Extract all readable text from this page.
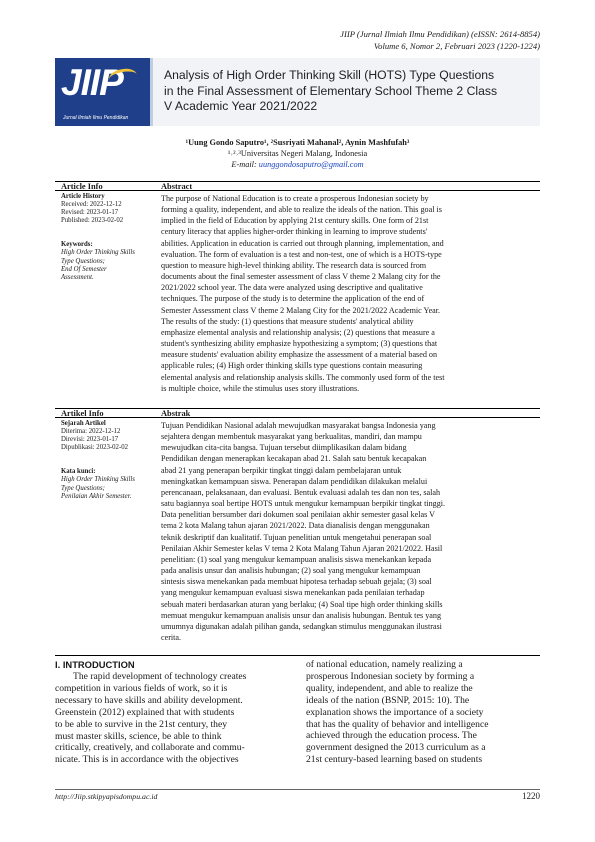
JIIP (Jurnal Ilmiah Ilmu Pendidikan) (eISSN: 2614-8854)
Volume 6, Nomor 2, Februari 2023 (1220-1224)
JIIP
Jurnal Ilmiah Ilmu Pendidikan
Analysis of High Order Thinking Skill (HOTS) Type Questions
in the Final Assessment of Elementary School Theme 2 Class
V Academic Year 2021/2022
¹Uung Gondo Saputro¹, ²Susriyati Mahanal², Aynin Mashfufah³
¹˒²˒³Universitas Negeri Malang, Indonesia
E-mail: uunggondosaputro@gmail.com
Article Info	Abstract
Article History
Received: 2022-12-12
Revised: 2023-01-17
Published: 2023-02-02
Keywords:
High Order Thinking Skills
Type Questions;
End Of Semester
Assessment.
The purpose of National Education is to create a prosperous Indonesian society by
forming a quality, independent, and able to realize the ideals of the nation. This goal is
implied in the field of Education by applying 21st century skills. One form of 21st
century literacy that applies higher-order thinking in learning to improve students'
abilities. Application in education is carried out through planning, implementation, and
evaluation. The form of evaluation is a test and non-test, one of which is a HOTS-type
question to measure high-level thinking ability. The research data is sourced from
documents about the final semester assessment of class V theme 2 Malang city for the
2021/2022 school year. The data were analyzed using descriptive and qualitative
techniques. The purpose of the study is to determine the application of the end of
Semester Assessment class V theme 2 Malang City for the 2021/2022 Academic Year.
The results of the study: (1) questions that measure students' analytical ability
emphasize elemental analysis and relationship analysis; (2) questions that measure a
student's synthesizing ability emphasize hypothesizing a symptom; (3) questions that
measure students' evaluation ability emphasize the assessment of a material based on
applicable rules; (4) High order thinking skills type questions contain measuring
elemental analysis and relationship analysis skills. The commonly used form of the test
is multiple choice, while the stimulus uses story illustrations.
Artikel Info	Abstrak
Sejarah Artikel
Diterima: 2022-12-12
Direvisi: 2023-01-17
Dipublikasi: 2023-02-02
Kata kunci:
High Order Thinking Skills
Type Questions;
Penilaian Akhir Semester.
Tujuan Pendidikan Nasional adalah mewujudkan masyarakat bangsa Indonesia yang
sejahtera dengan membentuk masyarakat yang berkualitas, mandiri, dan mampu
mewujudkan cita-cita bangsa. Tujuan tersebut diimplikasikan dalam bidang
Pendidikan dengan menerapkan kecakapan abad 21. Salah satu bentuk kecapakan
abad 21 yang penerapan berpikir tingkat tinggi dalam pembelajaran untuk
meningkatkan kemampuan siswa. Penerapan dalam pendidikan dilakukan melalui
perencanaan, pelaksanaan, dan evaluasi. Bentuk evaluasi adalah tes dan non tes, salah
satu bagiannya soal bertipe HOTS untuk mengukur kemampuan berpikir tingkat tinggi.
Data penelitian bersumber dari dokumen soal penilaian akhir semester gasal kelas V
tema 2 kota Malang tahun ajaran 2021/2022. Data dianalisis dengan menggunakan
teknik deskriptif dan kualitatif. Tujuan penelitian untuk mengetahui penerapan soal
Penilaian Akhir Semester kelas V tema 2 Kota Malang Tahun Ajaran 2021/2022. Hasil
penelitian: (1) soal yang mengukur kemampuan analisis siswa menekankan kepada
pada analisis unsur dan analisis hubungan; (2) soal yang mengukur kemampuan
sintesis siswa menekankan pada membuat hipotesa terhadap sebuah gejala; (3) soal
yang mengukur kemampuan evaluasi siswa menekankan pada penilaian terhadap
sebuah materi berdasarkan aturan yang berlaku; (4) Soal tipe high order thinking skills
memuat mengukur kemampuan analisis unsur dan analisis hubungan. Bentuk tes yang
umumnya digunakan adalah pilihan ganda, sedangkan stimulus menggunakan ilustrasi
cerita.
I. INTRODUCTION
The rapid development of technology creates
competition in various fields of work, so it is
necessary to have skills and ability development.
Greenstein (2012) explained that with students
to be able to survive in the 21st century, they
must master skills, science, be able to think
critically, creatively, and collaborate and commu-
nicate. This is in accordance with the objectives
of national education, namely realizing a
prosperous Indonesian society by forming a
quality, independent, and able to realize the
ideals of the nation (BSNP, 2015: 10). The
explanation shows the importance of a society
that has the quality of behavior and intelligence
achieved through the education process. The
government designed the 2013 curriculum as a
21st century-based learning based on students
http://Jiip.stkipyapisdompu.ac.id	1220
